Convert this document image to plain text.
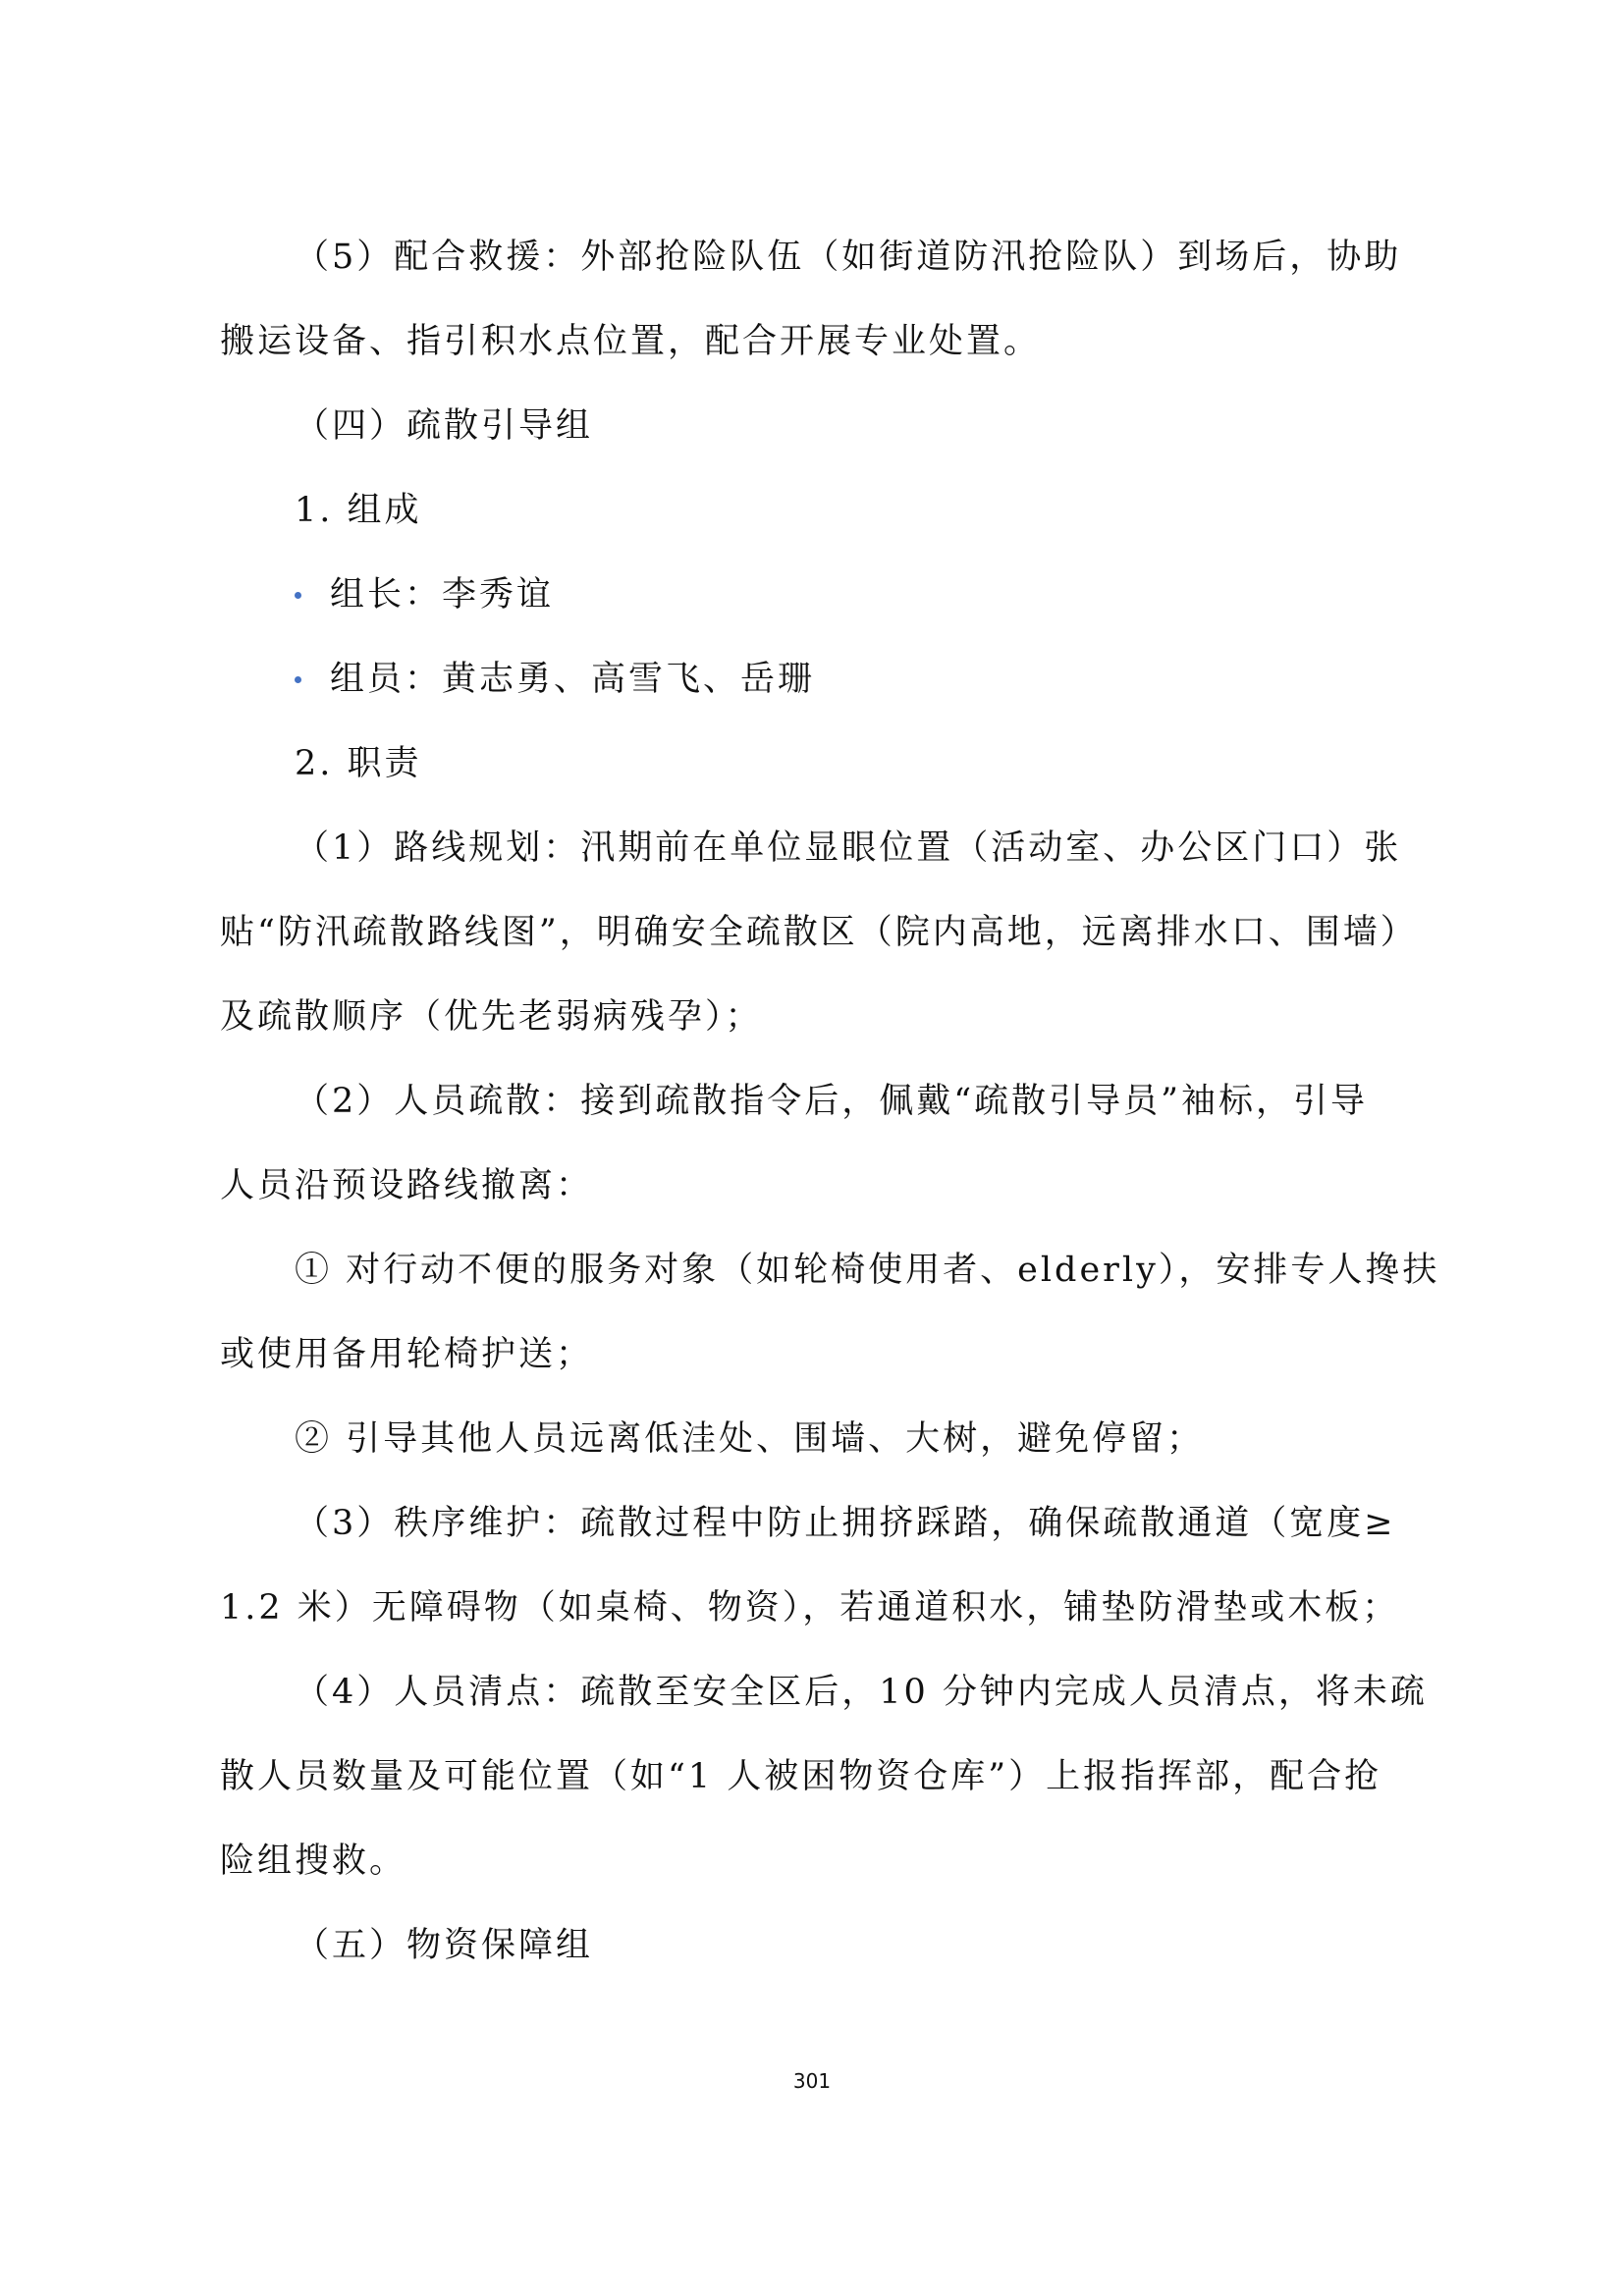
（5）配合救援：外部抢险队伍（如街道防汛抢险队）到场后，协助
搬运设备、指引积水点位置，配合开展专业处置。
（四）疏散引导组
1. 组成
组长：李秀谊
组员：黄志勇、高雪飞、岳珊
2. 职责
（1）路线规划：汛期前在单位显眼位置（活动室、办公区门口）张
贴“防汛疏散路线图”，明确安全疏散区（院内高地，远离排水口、围墙）
及疏散顺序（优先老弱病残孕）；
（2）人员疏散：接到疏散指令后，佩戴“疏散引导员”袖标，引导
人员沿预设路线撤离：
① 对行动不便的服务对象（如轮椅使用者、elderly），安排专人搀扶
或使用备用轮椅护送；
② 引导其他人员远离低洼处、围墙、大树，避免停留；
（3）秩序维护：疏散过程中防止拥挤踩踏，确保疏散通道（宽度≥
1.2 米）无障碍物（如桌椅、物资），若通道积水，铺垫防滑垫或木板；
（4）人员清点：疏散至安全区后，10 分钟内完成人员清点，将未疏
散人员数量及可能位置（如“1 人被困物资仓库”）上报指挥部，配合抢
险组搜救。
（五）物资保障组
301
